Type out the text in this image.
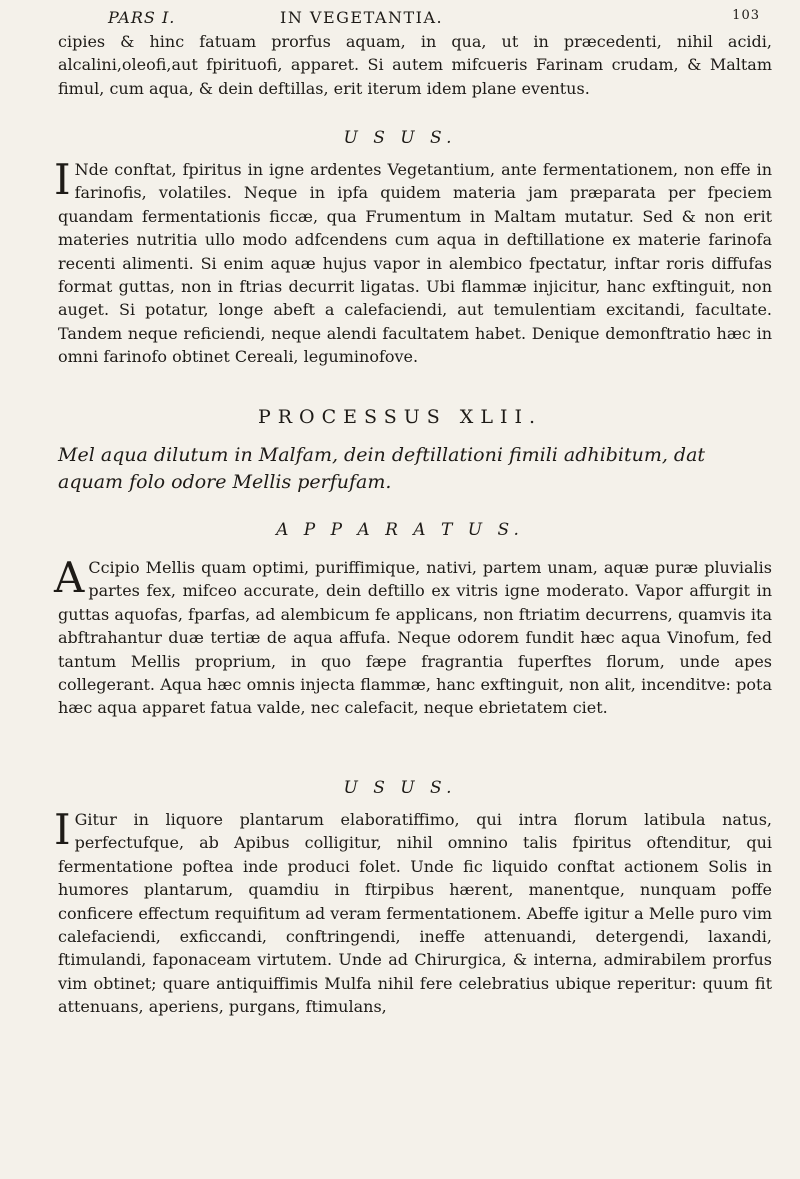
PARS I.	IN VEGETANTIA.	103

cipies & hinc fatuam prorfus aquam, in qua, ut in præcedenti, nihil acidi, alcalini,oleofi,aut fpirituofi, apparet. Si autem mifcueris Farinam crudam, & Maltam fimul, cum aqua, & dein deftillas, erit iterum idem plane eventus.

U S U S.
I Nde conftat, fpiritus in igne ardentes Vegetantium, ante fermentationem, non effe in farinofis, volatiles. Neque in ipfa quidem materia jam præparata per fpeciem quandam fermentationis ficcæ, qua Frumentum in Maltam mutatur. Sed & non erit materies nutritia ullo modo adfcendens cum aqua in deftillatione ex materie farinofa recenti alimenti. Si enim aquæ hujus vapor in alembico fpectatur, inftar roris diffufas format guttas, non in ftrias decurrit ligatas. Ubi flammæ injicitur, hanc exftinguit, non auget. Si potatur, longe abeft a calefaciendi, aut temulentiam excitandi, facultate. Tandem neque reficiendi, neque alendi facultatem habet. Denique demonftratio hæc in omni farinofo obtinet Cereali, leguminofove.
PROCESSUS XLII.
Mel aqua dilutum in Malfam, dein deftillationi fimili adhibitum, dat aquam folo odore Mellis perfufam.
A P P A R A T U S.
A Ccipio Mellis quam optimi, puriffimique, nativi, partem unam, aquæ puræ pluvialis partes fex, mifceo accurate, dein deftillo ex vitris igne moderato. Vapor affurgit in guttas aquofas, fparfas, ad alembicum fe applicans, non ftriatim decurrens, quamvis ita abftrahantur duæ tertiæ de aqua affufa. Neque odorem fundit hæc aqua Vinofum, fed tantum Mellis proprium, in quo fæpe fragrantia fuperftes florum, unde apes collegerant. Aqua hæc omnis injecta flammæ, hanc exftinguit, non alit, incenditve: pota hæc aqua apparet fatua valde, nec calefacit, neque ebrietatem ciet.
U S U S.
I Gitur in liquore plantarum elaboratiffimo, qui intra florum latibula natus, perfectufque, ab Apibus colligitur, nihil omnino talis fpiritus oftenditur, qui fermentatione poftea inde produci folet. Unde fic liquido conftat actionem Solis in humores plantarum, quamdiu in ftirpibus hærent, manentque, nunquam poffe conficere effectum requifitum ad veram fermentationem. Abeffe igitur a Melle puro vim calefaciendi, exficcandi, conftringendi, ineffe attenuandi, detergendi, laxandi, ftimulandi, faponaceam virtutem. Unde ad Chirurgica, & interna, admirabilem prorfus vim obtinet; quare antiquiffimis Mulfa nihil fere celebratius ubique reperitur: quum fit attenuans, aperiens, purgans, ftimulans,
